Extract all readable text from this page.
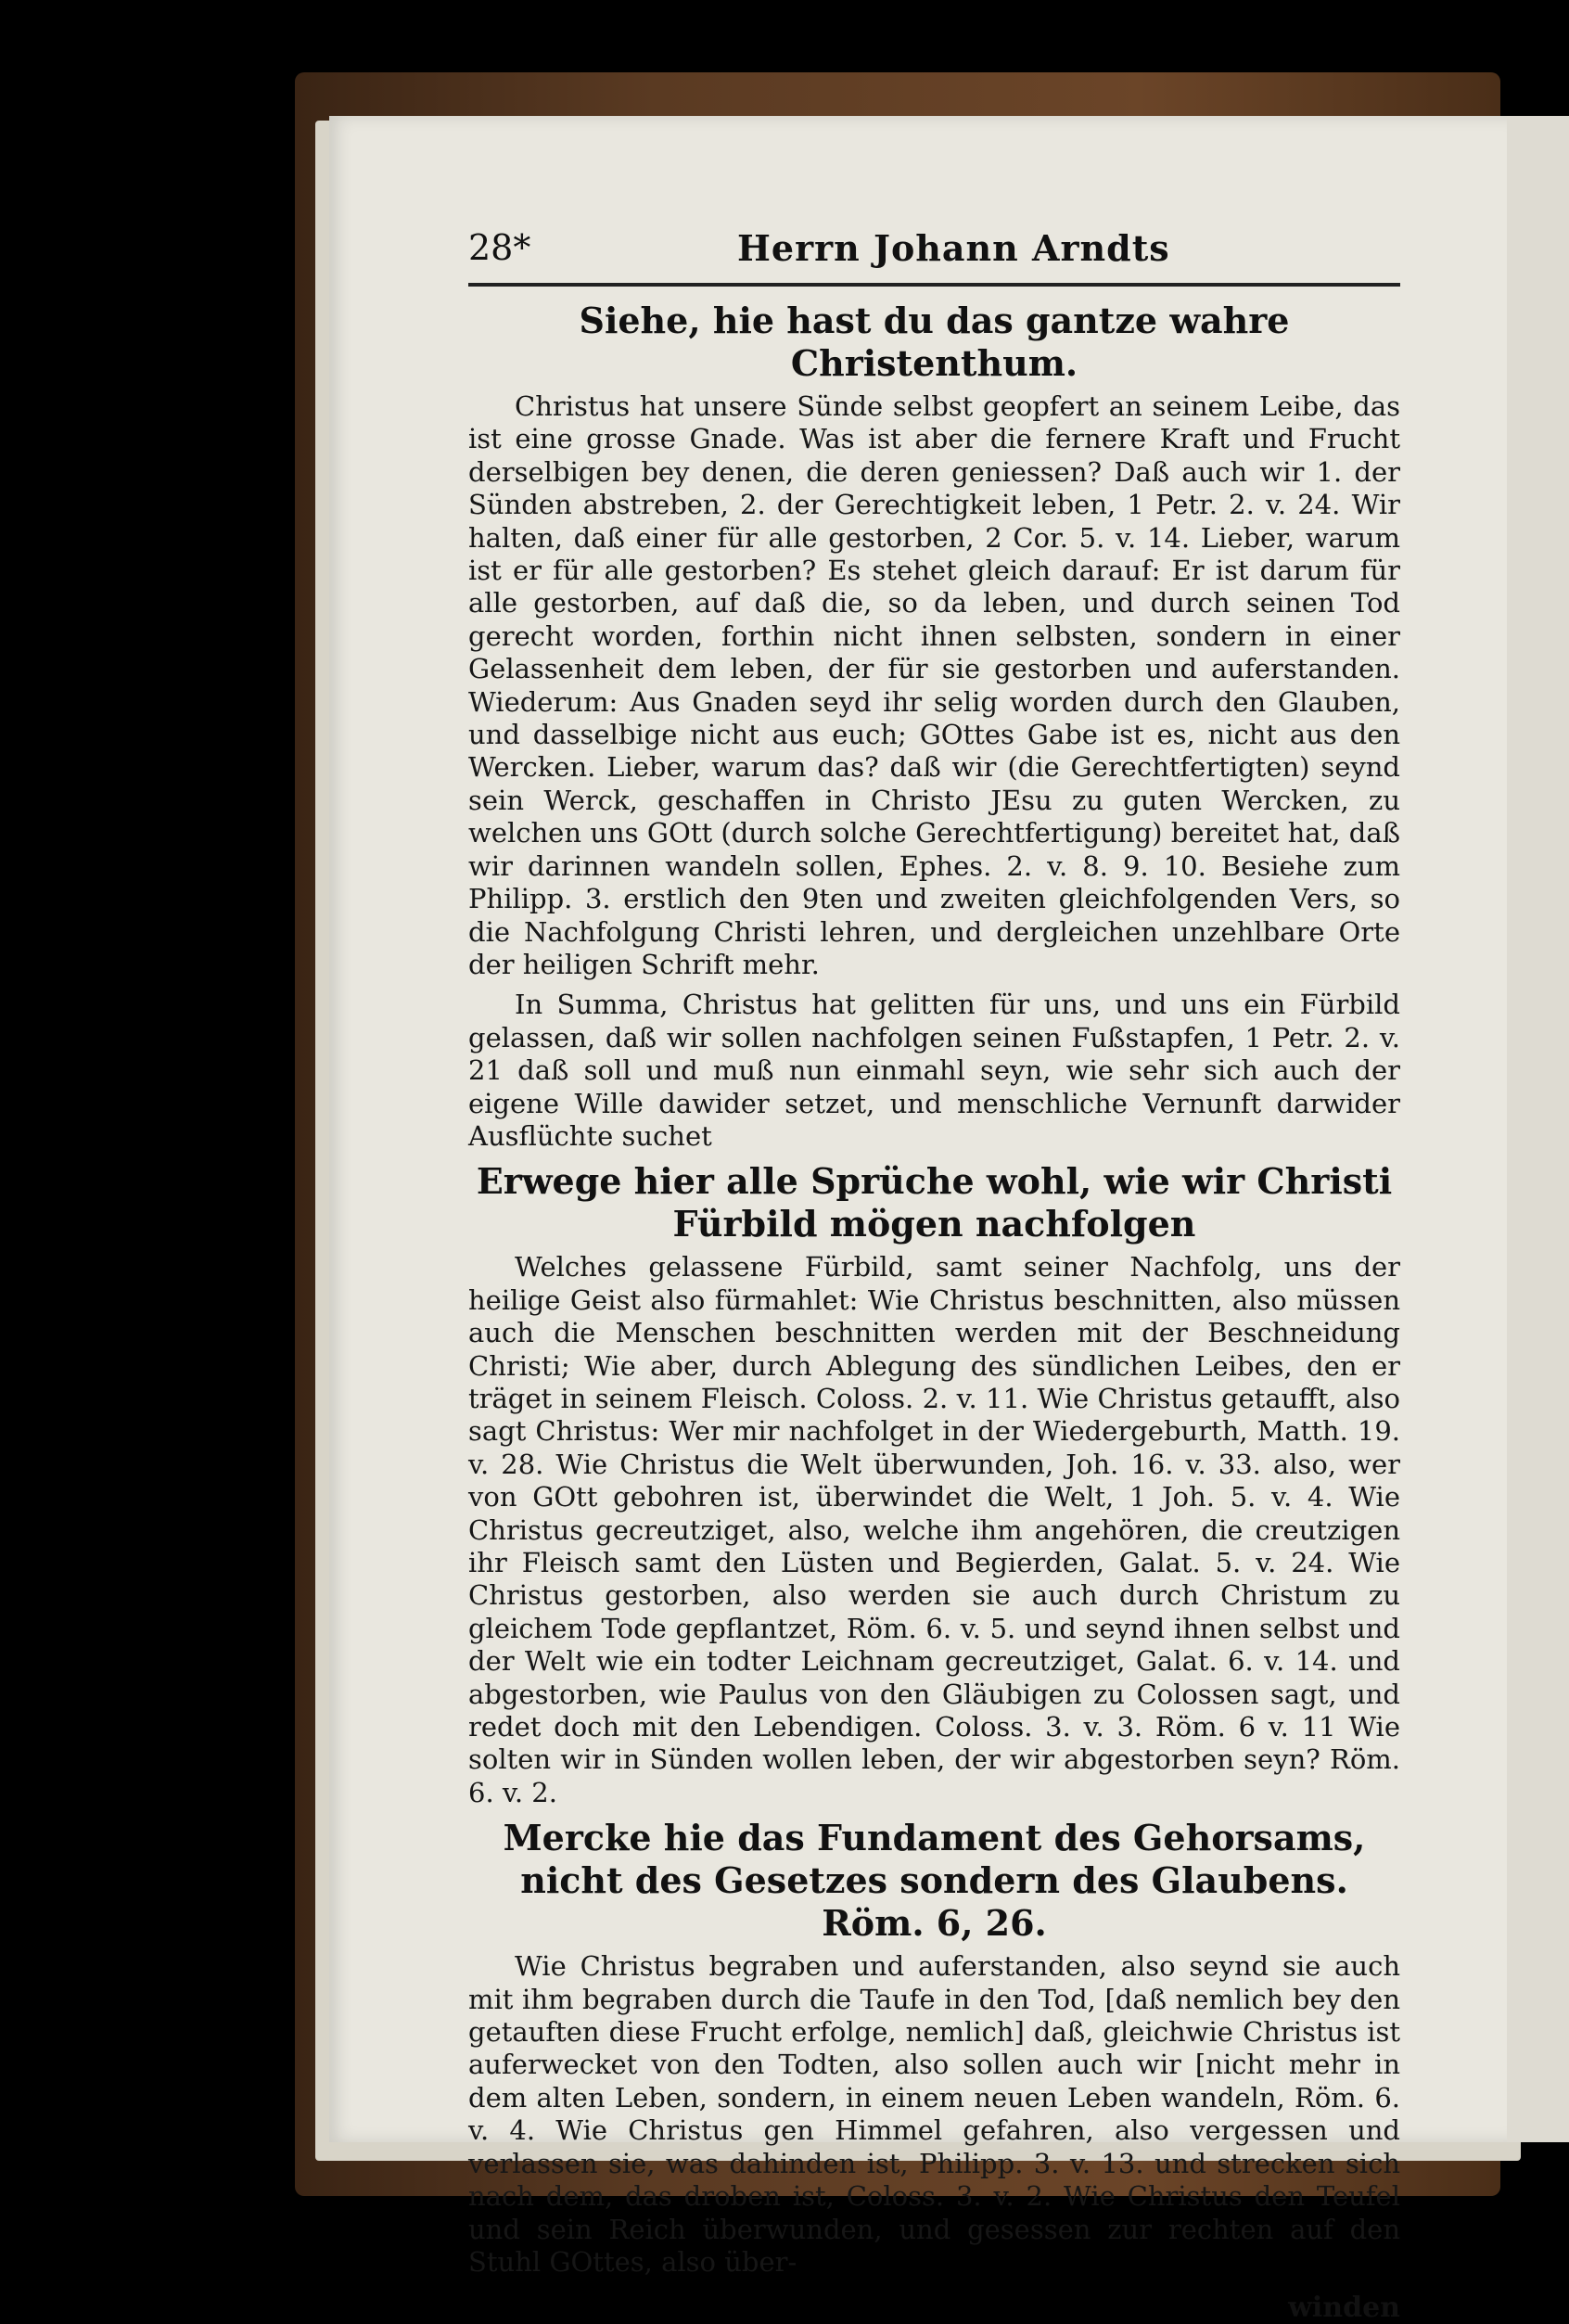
28*	Herrn Johann Arndts
Siehe, hie hast du das gantze wahre Christenthum.

Christus hat unsere Sünde selbst geopfert an seinem Leibe, das ist eine grosse Gnade. Was ist aber die fernere Kraft und Frucht derselbigen bey denen, die deren geniessen? Daß auch wir 1. der Sünden abstreben, 2. der Gerechtigkeit leben, 1 Petr. 2. v. 24. Wir halten, daß einer für alle gestorben, 2 Cor. 5. v. 14. Lieber, warum ist er für alle gestorben? Es stehet gleich darauf: Er ist darum für alle gestorben, auf daß die, so da leben, und durch seinen Tod gerecht worden, forthin nicht ihnen selbsten, sondern in einer Gelassenheit dem leben, der für sie gestorben und auferstanden. Wiederum: Aus Gnaden seyd ihr selig worden durch den Glauben, und dasselbige nicht aus euch; GOttes Gabe ist es, nicht aus den Wercken. Lieber, warum das? daß wir (die Gerechtfertigten) seynd sein Werck, geschaffen in Christo JEsu zu guten Wercken, zu welchen uns GOtt (durch solche Gerechtfertigung) bereitet hat, daß wir darinnen wandeln sollen, Ephes. 2. v. 8. 9. 10. Besiehe zum Philipp. 3. erstlich den 9ten und zweiten gleichfolgenden Vers, so die Nachfolgung Christi lehren, und dergleichen unzehlbare Orte der heiligen Schrift mehr.

In Summa, Christus hat gelitten für uns, und uns ein Fürbild gelassen, daß wir sollen nachfolgen seinen Fußstapfen, 1 Petr. 2. v. 21 daß soll und muß nun einmahl seyn, wie sehr sich auch der eigene Wille dawider setzet, und menschliche Vernunft darwider Ausflüchte suchet

Erwege hier alle Sprüche wohl, wie wir Christi Fürbild mögen nachfolgen

Welches gelassene Fürbild, samt seiner Nachfolg, uns der heilige Geist also fürmahlet: Wie Christus beschnitten, also müssen auch die Menschen beschnitten werden mit der Beschneidung Christi; Wie aber, durch Ablegung des sündlichen Leibes, den er träget in seinem Fleisch. Coloss. 2. v. 11. Wie Christus getaufft, also sagt Christus: Wer mir nachfolget in der Wiedergeburth, Matth. 19. v. 28. Wie Christus die Welt überwunden, Joh. 16. v. 33. also, wer von GOtt gebohren ist, überwindet die Welt, 1 Joh. 5. v. 4. Wie Christus gecreutziget, also, welche ihm angehören, die creutzigen ihr Fleisch samt den Lüsten und Begierden, Galat. 5. v. 24. Wie Christus gestorben, also werden sie auch durch Christum zu gleichem Tode gepflantzet, Röm. 6. v. 5. und seynd ihnen selbst und der Welt wie ein todter Leichnam gecreutziget, Galat. 6. v. 14. und abgestorben, wie Paulus von den Gläubigen zu Colossen sagt, und redet doch mit den Lebendigen. Coloss. 3. v. 3. Röm. 6 v. 11 Wie solten wir in Sünden wollen leben, der wir abgestorben seyn? Röm. 6. v. 2.

Mercke hie das Fundament des Gehorsams, nicht des Gesetzes sondern des Glaubens. Röm. 6, 26.

Wie Christus begraben und auferstanden, also seynd sie auch mit ihm begraben durch die Taufe in den Tod, [daß nemlich bey den getauften diese Frucht erfolge, nemlich] daß, gleichwie Christus ist auferwecket von den Todten, also sollen auch wir [nicht mehr in dem alten Leben, sondern, in einem neuen Leben wandeln, Röm. 6. v. 4. Wie Christus gen Himmel gefahren, also vergessen und verlassen sie, was dahinden ist, Philipp. 3. v. 13. und strecken sich nach dem, das droben ist, Coloss. 3. v. 2. Wie Christus den Teufel und sein Reich überwunden, und gesessen zur rechten auf den Stuhl GOttes, also über-

winden
